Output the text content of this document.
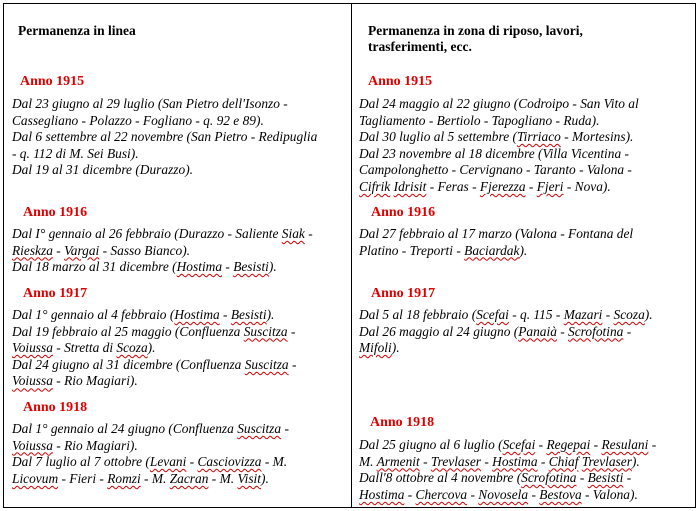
Permanenza in linea
Anno 1915
Dal 23 giugno al 29 luglio (San Pietro dell'Isonzo -
Cassegliano - Polazzo - Fogliano - q. 92 e 89).
Dal 6 settembre al 22 novembre (San Pietro - Redipuglia
- q. 112 di M. Sei Busi).
Dal 19 al 31 dicembre (Durazzo).
Anno 1916
Dal I° gennaio al 26 febbraio (Durazzo - Saliente Siak -
Rieskza - Vargai - Sasso Bianco).
Dal 18 marzo al 31 dicembre (Hostima - Besisti).
Anno 1917
Dal 1° gennaio al 4 febbraio (Hostima - Besisti).
Dal 19 febbraio al 25 maggio (Confluenza Suscitza -
Voiussa - Stretta di Scoza).
Dal 24 giugno al 31 dicembre (Confluenza Suscitza -
Voiussa - Rio Magiari).
Anno 1918
Dal 1° gennaio al 24 giugno (Confluenza Suscitza -
Voiussa - Rio Magiari).
Dal 7 luglio al 7 ottobre (Levani - Casciovizza - M.
Licovum - Fieri - Romzi - M. Zacran - M. Visit).
Permanenza in zona di riposo, lavori,
trasferimenti, ecc.
Anno 1915
Dal 24 maggio al 22 giugno (Codroipo - San Vito al
Tagliamento - Bertiolo - Tapogliano - Ruda).
Dal 30 luglio al 5 settembre (Tirriaco - Mortesins).
Dal 23 novembre al 18 dicembre (Villa Vicentina -
Campolonghetto - Cervignano - Taranto - Valona -
Cifrik Idrisit - Feras - Fjerezza - Fjeri - Nova).
Anno 1916
Dal 27 febbraio al 17 marzo (Valona - Fontana del
Platino - Treporti - Baciardak).
Anno 1917
Dal 5 al 18 febbraio (Scefai - q. 115 - Mazari - Scoza).
Dal 26 maggio al 24 giugno (Panaià - Scrofotina -
Mifoli).
Anno 1918
Dal 25 giugno al 6 luglio (Scefai - Regepai - Resulani -
M. Armenit - Trevlaser - Hostima - Chiaf Trevlaser).
Dall'8 ottobre al 4 novembre (Scrofotina - Besisti -
Hostima - Chercova - Novosela - Bestova - Valona).
